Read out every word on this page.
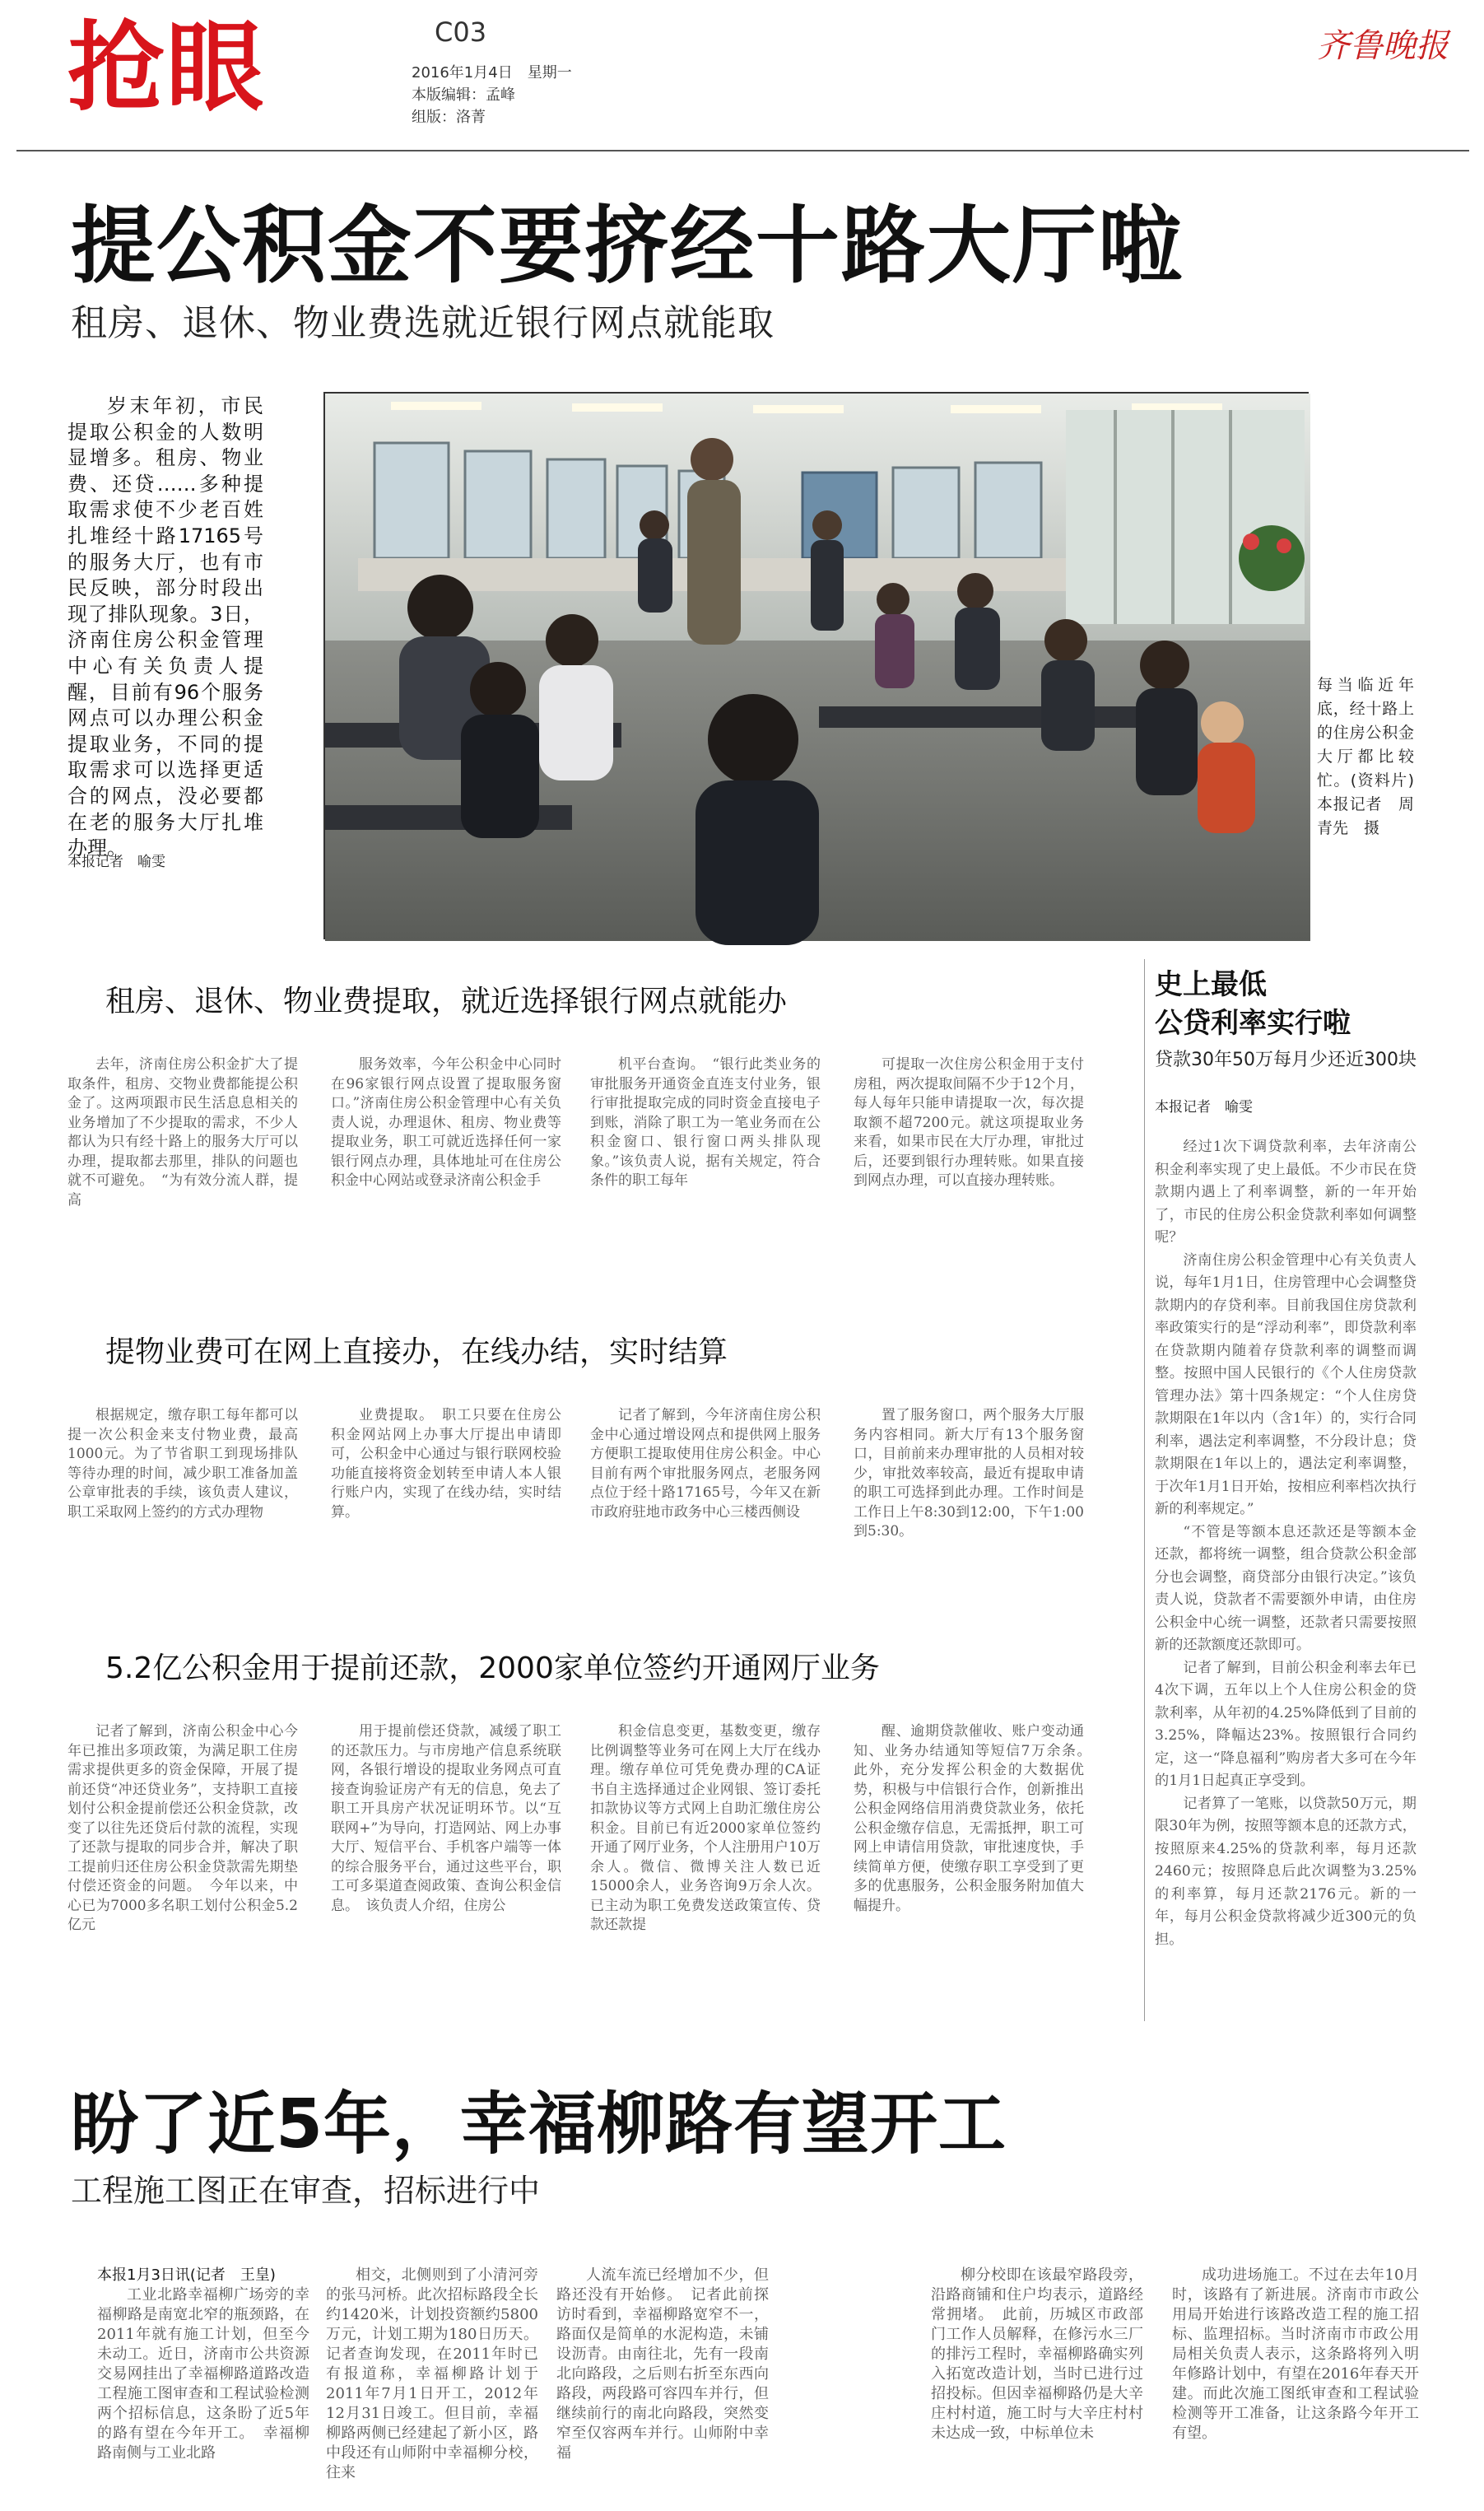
抢眼	C03
2016年1月4日　星期一
本版编辑：孟峰
组版：洛菁
齐鲁晚报
提公积金不要挤经十路大厅啦
租房、退休、物业费选就近银行网点就能取

岁末年初，市民提取公积金的人数明显增多。租房、物业费、还贷……多种提取需求使不少老百姓扎堆经十路17165号的服务大厅，也有市民反映，部分时段出现了排队现象。3日，济南住房公积金管理中心有关负责人提醒，目前有96个服务网点可以办理公积金提取业务，不同的提取需求可以选择更适合的网点，没必要都在老的服务大厅扎堆办理。

本报记者　喻雯
每当临近年底，经十路上的住房公积金大厅都比较忙。(资料片)　本报记者　周青先　摄
租房、退休、物业费提取，就近选择银行网点就能办
去年，济南住房公积金扩大了提取条件，租房、交物业费都能提公积金了。这两项跟市民生活息息相关的业务增加了不少提取的需求，不少人都认为只有经十路上的服务大厅可以办理，提取都去那里，排队的问题也就不可避免。　“为有效分流人群，提高
服务效率，今年公积金中心同时在96家银行网点设置了提取服务窗口。”济南住房公积金管理中心有关负责人说，办理退休、租房、物业费等提取业务，职工可就近选择任何一家银行网点办理，具体地址可在住房公积金中心网站或登录济南公积金手
机平台查询。　“银行此类业务的审批服务开通资金直连支付业务，银行审批提取完成的同时资金直接电子到账，消除了职工为一笔业务而在公积金窗口、银行窗口两头排队现象。”该负责人说，据有关规定，符合条件的职工每年
可提取一次住房公积金用于支付房租，两次提取间隔不少于12个月，每人每年只能申请提取一次，每次提取额不超7200元。就这项提取业务来看，如果市民在大厅办理，审批过后，还要到银行办理转账。如果直接到网点办理，可以直接办理转账。
提物业费可在网上直接办，在线办结，实时结算
根据规定，缴存职工每年都可以提一次公积金来支付物业费，最高1000元。为了节省职工到现场排队等待办理的时间，减少职工准备加盖公章审批表的手续，该负责人建议，职工采取网上签约的方式办理物
业费提取。　职工只要在住房公积金网站网上办事大厅提出申请即可，公积金中心通过与银行联网校验功能直接将资金划转至申请人本人银行账户内，实现了在线办结，实时结算。
记者了解到，今年济南住房公积金中心通过增设网点和提供网上服务方便职工提取使用住房公积金。中心目前有两个审批服务网点，老服务网点位于经十路17165号，今年又在新市政府驻地市政务中心三楼西侧设
置了服务窗口，两个服务大厅服务内容相同。新大厅有13个服务窗口，目前前来办理审批的人员相对较少，审批效率较高，最近有提取申请的职工可选择到此办理。工作时间是工作日上午8:30到12:00，下午1:00到5:30。
5.2亿公积金用于提前还款，2000家单位签约开通网厅业务
记者了解到，济南公积金中心今年已推出多项政策，为满足职工住房需求提供更多的资金保障，开展了提前还贷“冲还贷业务”，支持职工直接划付公积金提前偿还公积金贷款，改变了以往先还贷后付款的流程，实现了还款与提取的同步合并，解决了职工提前归还住房公积金贷款需先期垫付偿还资金的问题。　今年以来，中心已为7000多名职工划付公积金5.2亿元
用于提前偿还贷款，减缓了职工的还款压力。与市房地产信息系统联网，各银行增设的提取业务网点可直接查询验证房产有无的信息，免去了职工开具房产状况证明环节。以“互联网+”为导向，打造网站、网上办事大厅、短信平台、手机客户端等一体的综合服务平台，通过这些平台，职工可多渠道查阅政策、查询公积金信息。　该负责人介绍，住房公
积金信息变更，基数变更，缴存比例调整等业务可在网上大厅在线办理。缴存单位可凭免费办理的CA证书自主选择通过企业网银、签订委托扣款协议等方式网上自助汇缴住房公积金。目前已有近2000家单位签约开通了网厅业务，个人注册用户10万余人。微信、微博关注人数已近15000余人，业务咨询9万余人次。已主动为职工免费发送政策宣传、贷款还款提
醒、逾期贷款催收、账户变动通知、业务办结通知等短信7万余条。　此外，充分发挥公积金的大数据优势，积极与中信银行合作，创新推出公积金网络信用消费贷款业务，依托公积金缴存信息，无需抵押，职工可网上申请信用贷款，审批速度快，手续简单方便，使缴存职工享受到了更多的优惠服务，公积金服务附加值大幅提升。
史上最低
公贷利率实行啦
贷款30年50万每月少还近300块
本报记者　喻雯

经过1次下调贷款利率，去年济南公积金利率实现了史上最低。不少市民在贷款期内遇上了利率调整，新的一年开始了，市民的住房公积金贷款利率如何调整呢？

济南住房公积金管理中心有关负责人说，每年1月1日，住房管理中心会调整贷款期内的存贷利率。目前我国住房贷款利率政策实行的是“浮动利率”，即贷款利率在贷款期内随着存贷款利率的调整而调整。按照中国人民银行的《个人住房贷款管理办法》第十四条规定：“个人住房贷款期限在1年以内（含1年）的，实行合同利率，遇法定利率调整，不分段计息；贷款期限在1年以上的，遇法定利率调整，于次年1月1日开始，按相应利率档次执行新的利率规定。”

“不管是等额本息还款还是等额本金还款，都将统一调整，组合贷款公积金部分也会调整，商贷部分由银行决定。”该负责人说，贷款者不需要额外申请，由住房公积金中心统一调整，还款者只需要按照新的还款额度还款即可。

记者了解到，目前公积金利率去年已4次下调，五年以上个人住房公积金的贷款利率，从年初的4.25%降低到了目前的3.25%，降幅达23%。按照银行合同约定，这一“降息福利”购房者大多可在今年的1月1日起真正享受到。

记者算了一笔账，以贷款50万元，期限30年为例，按照等额本息的还款方式，按照原来4.25%的贷款利率，每月还款2460元；按照降息后此次调整为3.25%的利率算，每月还款2176元。新的一年，每月公积金贷款将减少近300元的负担。

盼了近5年，幸福柳路有望开工
工程施工图正在审查，招标进行中
本报1月3日讯(记者　王皇)

工业北路幸福柳广场旁的幸福柳路是南宽北窄的瓶颈路，在2011年就有施工计划，但至今未动工。近日，济南市公共资源交易网挂出了幸福柳路道路改造工程施工图审查和工程试验检测两个招标信息，这条盼了近5年的路有望在今年开工。　幸福柳路南侧与工业北路

相交，北侧则到了小清河旁的张马河桥。此次招标路段全长约1420米，计划投资额约5800万元，计划工期为180日历天。记者查询发现，在2011年时已有报道称，幸福柳路计划于2011年7月1日开工，2012年12月31日竣工。但目前，幸福柳路两侧已经建起了新小区，路中段还有山师附中幸福柳分校，往来

人流车流已经增加不少，但路还没有开始修。　记者此前探访时看到，幸福柳路宽窄不一，路面仅是简单的水泥构造，未铺设沥青。由南往北，先有一段南北向路段，之后则右折至东西向路段，两段路可容四车并行，但继续前行的南北向路段，突然变窄至仅容两车并行。山师附中幸福

柳分校即在该最窄路段旁，沿路商铺和住户均表示，道路经常拥堵。　此前，历城区市政部门工作人员解释，在修污水三厂的排污工程时，幸福柳路确实列入拓宽改造计划，当时已进行过招投标。但因幸福柳路仍是大辛庄村村道，施工时与大辛庄村村未达成一致，中标单位未

成功进场施工。不过在去年10月时，该路有了新进展。济南市市政公用局开始进行该路改造工程的施工招标、监理招标。当时济南市市政公用局相关负责人表示，这条路将列入明年修路计划中，有望在2016年春天开建。而此次施工图纸审查和工程试验检测等开工准备，让这条路今年开工有望。
